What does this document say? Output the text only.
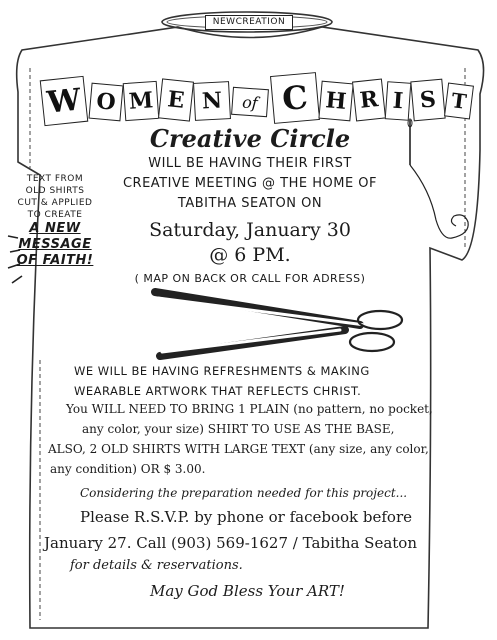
NEWCREATION
W O M E N	of C H R I S T
Creative Circle
WILL BE HAVING THEIR FIRST
CREATIVE MEETING @ THE HOME OF
TABITHA SEATON ON
Saturday, January 30
@ 6 PM.
( MAP ON BACK OR CALL FOR ADRESS)
TEXT FROM
OLD SHIRTS
CUT & APPLIED
TO CREATE
A NEW
MESSAGE
OF FAITH!
WE WILL BE HAVING REFRESHMENTS & MAKING
WEARABLE ARTWORK THAT REFLECTS CHRIST.
You WILL NEED TO BRING 1 PLAIN (no pattern, no pocket,
any color, your size) SHIRT TO USE AS THE BASE,
ALSO, 2 OLD SHIRTS WITH LARGE TEXT (any size, any color,
any condition) OR $ 3.00.
Considering the preparation needed for this project...
Please R.S.V.P. by phone or facebook before
January 27. Call (903) 569-1627 / Tabitha Seaton
for details & reservations.
May God Bless Your ART!
